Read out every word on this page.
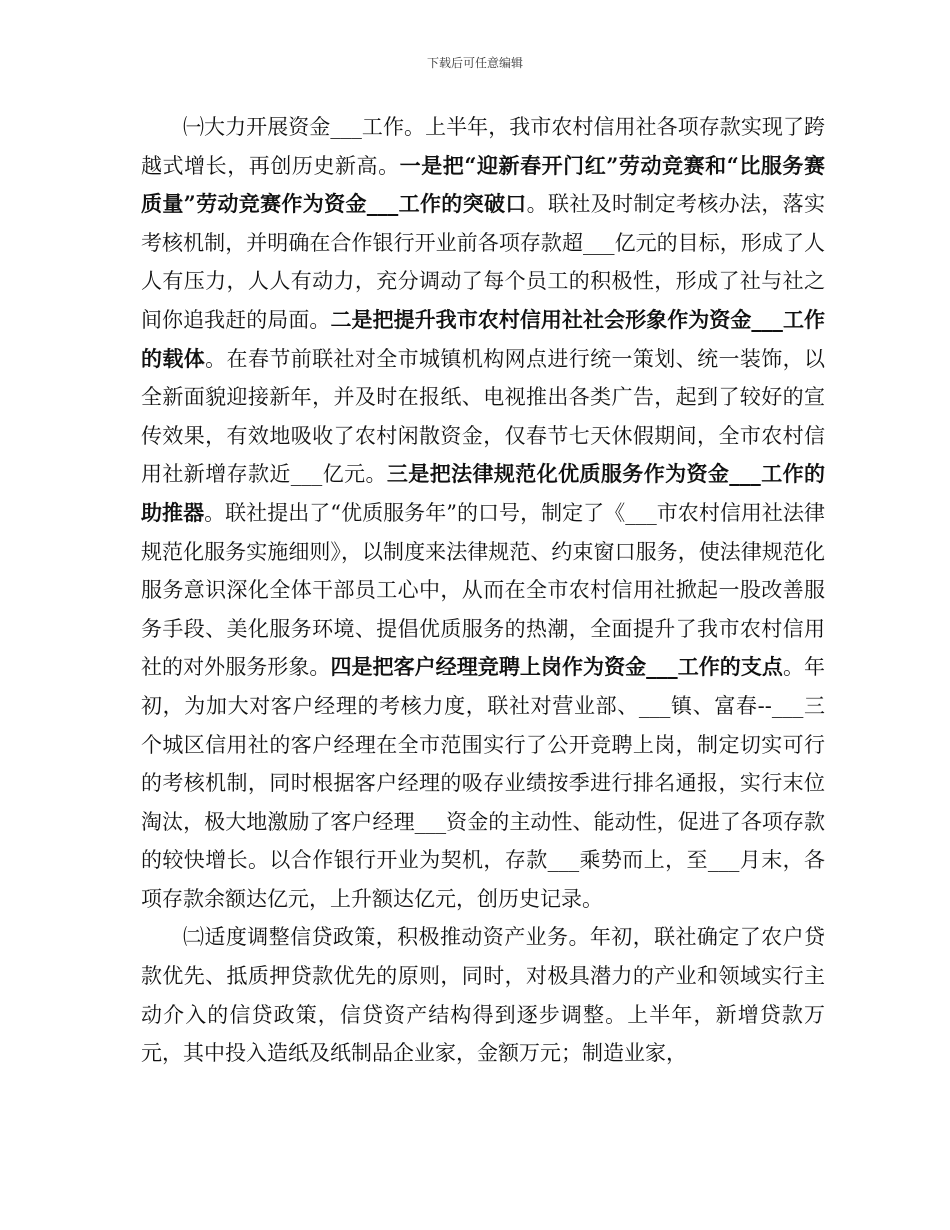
下载后可任意编辑

㈠大力开展资金___工作。上半年，我市农村信用社各项存款实现了跨越式增长，再创历史新高。一是把“迎新春开门红”劳动竞赛和“比服务赛质量”劳动竞赛作为资金___工作的突破口。联社及时制定考核办法，落实考核机制，并明确在合作银行开业前各项存款超___亿元的目标，形成了人人有压力，人人有动力，充分调动了每个员工的积极性，形成了社与社之间你追我赶的局面。二是把提升我市农村信用社社会形象作为资金___工作的载体。在春节前联社对全市城镇机构网点进行统一策划、统一装饰，以全新面貌迎接新年，并及时在报纸、电视推出各类广告，起到了较好的宣传效果，有效地吸收了农村闲散资金，仅春节七天休假期间，全市农村信用社新增存款近___亿元。三是把法律规范化优质服务作为资金___工作的助推器。联社提出了“优质服务年”的口号，制定了《___市农村信用社法律规范化服务实施细则》，以制度来法律规范、约束窗口服务，使法律规范化服务意识深化全体干部员工心中，从而在全市农村信用社掀起一股改善服务手段、美化服务环境、提倡优质服务的热潮，全面提升了我市农村信用社的对外服务形象。四是把客户经理竞聘上岗作为资金___工作的支点。年初，为加大对客户经理的考核力度，联社对营业部、___镇、富春--___三个城区信用社的客户经理在全市范围实行了公开竞聘上岗，制定切实可行的考核机制，同时根据客户经理的吸存业绩按季进行排名通报，实行末位淘汰，极大地激励了客户经理___资金的主动性、能动性，促进了各项存款的较快增长。以合作银行开业为契机，存款___乘势而上，至___月末，各项存款余额达亿元，上升额达亿元，创历史记录。

㈡适度调整信贷政策，积极推动资产业务。年初，联社确定了农户贷款优先、抵质押贷款优先的原则，同时，对极具潜力的产业和领域实行主动介入的信贷政策，信贷资产结构得到逐步调整。上半年，新增贷款万元，其中投入造纸及纸制品企业家，金额万元；制造业家，
